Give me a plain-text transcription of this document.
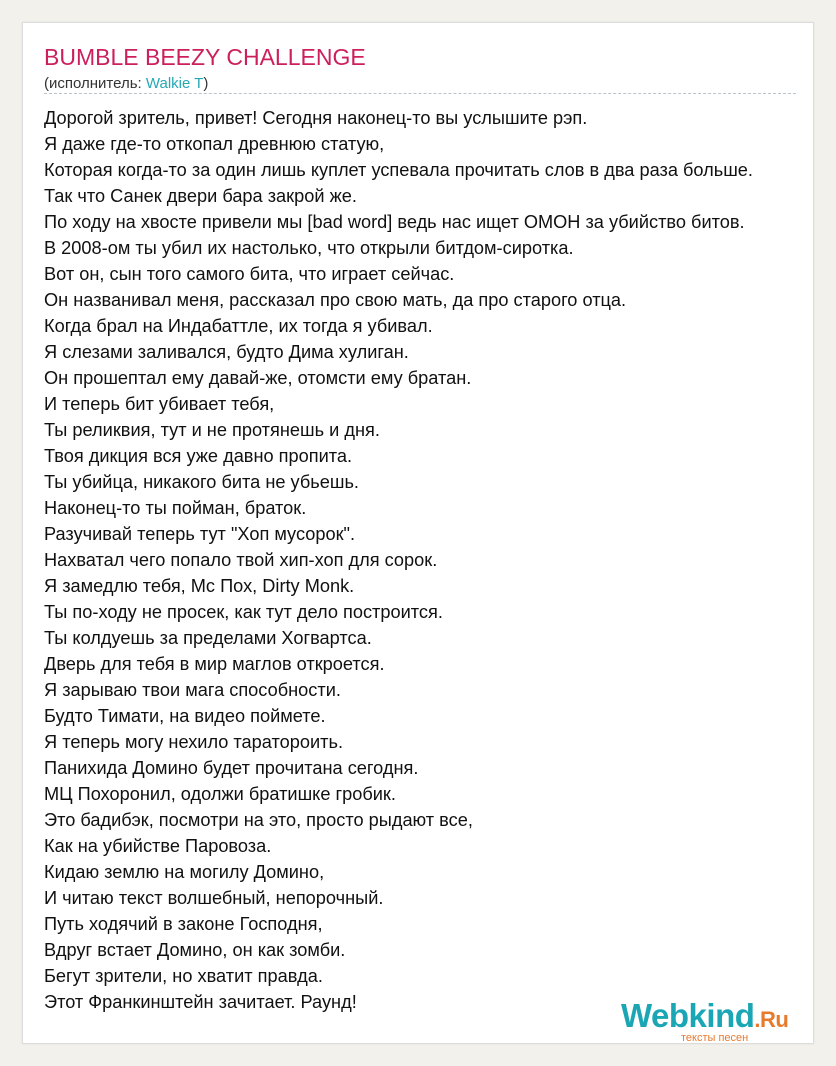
BUMBLE BEEZY CHALLENGE
(исполнитель: Walkie T)
Дорогой зритель, привет! Сегодня наконец-то вы услышите рэп.
Я даже где-то откопал древнюю статую,
Которая когда-то за один лишь куплет успевала прочитать слов в два раза больше.
Так что Санек двери бара закрой же.
По ходу на хвосте привели мы [bad word] ведь нас ищет ОМОН за убийство битов.
В 2008-ом ты убил их настолько, что открыли битдом-сиротка.
Вот он, сын того самого бита, что играет сейчас.
Он названивал меня, рассказал про свою мать, да про старого отца.
Когда брал на Индабаттле, их тогда я убивал.
Я слезами заливался, будто Дима хулиган.
Он прошептал ему давай-же, отомсти ему братан.
И теперь бит убивает тебя,
Ты реликвия, тут и не протянешь и дня.
Твоя дикция вся уже давно пропита.
Ты убийца, никакого бита не убьешь.
Наконец-то ты пойман, браток.
Разучивай теперь тут "Хоп мусорок".
Нахватал чего попало твой хип-хоп для сорок.
Я замедлю тебя, Mc Пох, Dirty Monk.
Ты по-ходу не просек, как тут дело построится.
Ты колдуешь за пределами Хогвартса.
Дверь для тебя в мир маглов откроется.
Я зарываю твои мага способности.
Будто Тимати, на видео поймете.
Я теперь могу нехило таратороить.
Панихида Домино будет прочитана сегодня.
МЦ Похоронил, одолжи братишке гробик.
Это бадибэк, посмотри на это, просто рыдают все,
Как на убийстве Паровоза.
Кидаю землю на могилу Домино,
И читаю текст волшебный, непорочный.
Путь ходячий в законе Господня,
Вдруг встает Домино, он как зомби.
Бегут зрители, но хватит правда.
Этот Франкинштейн зачитает. Раунд!	Webkind.Ru
тексты песен
